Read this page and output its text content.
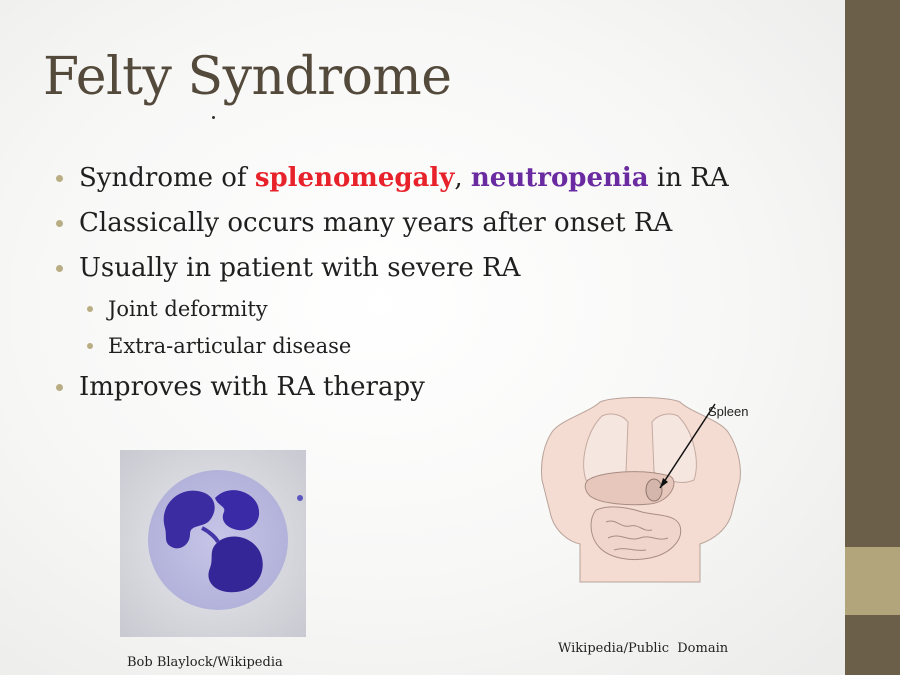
Felty Syndrome
Syndrome of splenomegaly, neutropenia in RA
Classically occurs many years after onset RA
Usually in patient with severe RA
Joint deformity
Extra-articular disease
Improves with RA therapy
Spleen
Bob Blaylock/Wikipedia
Wikipedia/Public  Domain
